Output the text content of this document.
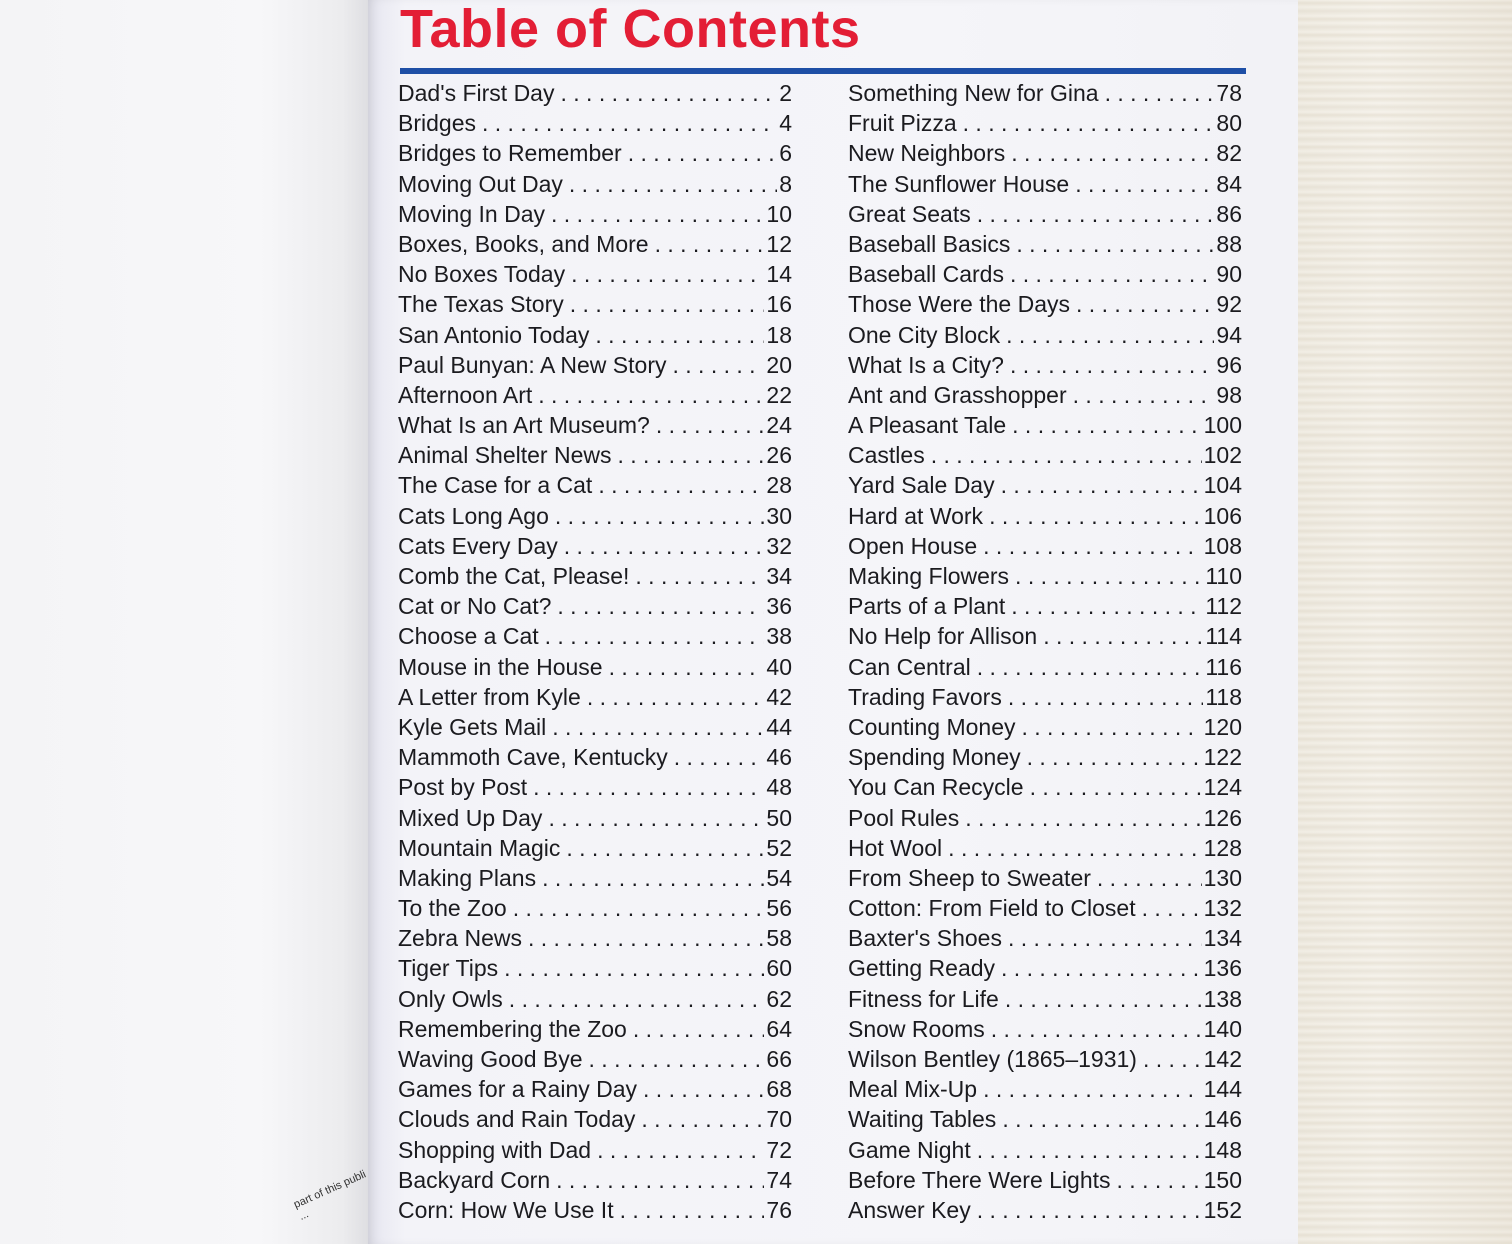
part of this publi
...
Table of Contents
Dad's First Day . . .	2
Bridges . . .	4
Bridges to Remember . . .	6
Moving Out Day . . .	8
Moving In Day . . .	10
Boxes, Books, and More . . .	12
No Boxes Today . . .	14
The Texas Story . . .	16
San Antonio Today . . .	18
Paul Bunyan: A New Story . . .	20
Afternoon Art . . .	22
What Is an Art Museum? . . .	24
Animal Shelter News . . .	26
The Case for a Cat . . .	28
Cats Long Ago . . .	30
Cats Every Day . . .	32
Comb the Cat, Please! . . .	34
Cat or No Cat? . . .	36
Choose a Cat . . .	38
Mouse in the House . . .	40
A Letter from Kyle . . .	42
Kyle Gets Mail . . .	44
Mammoth Cave, Kentucky . . .	46
Post by Post . . .	48
Mixed Up Day . . .	50
Mountain Magic . . .	52
Making Plans . . .	54
To the Zoo . . .	56
Zebra News . . .	58
Tiger Tips . . .	60
Only Owls . . .	62
Remembering the Zoo . . .	64
Waving Good Bye . . .	66
Games for a Rainy Day . . .	68
Clouds and Rain Today . . .	70
Shopping with Dad . . .	72
Backyard Corn . . .	74
Corn: How We Use It . . .	76
Something New for Gina . . .	78
Fruit Pizza . . .	80
New Neighbors . . .	82
The Sunflower House . . .	84
Great Seats . . .	86
Baseball Basics . . .	88
Baseball Cards . . .	90
Those Were the Days . . .	92
One City Block . . .	94
What Is a City? . . .	96
Ant and Grasshopper . . .	98
A Pleasant Tale . . .	100
Castles . . .	102
Yard Sale Day . . .	104
Hard at Work . . .	106
Open House . . .	108
Making Flowers . . .	110
Parts of a Plant . . .	112
No Help for Allison . . .	114
Can Central . . .	116
Trading Favors . . .	118
Counting Money . . .	120
Spending Money . . .	122
You Can Recycle . . .	124
Pool Rules . . .	126
Hot Wool . . .	128
From Sheep to Sweater . . .	130
Cotton: From Field to Closet . . .	132
Baxter's Shoes . . .	134
Getting Ready . . .	136
Fitness for Life . . .	138
Snow Rooms . . .	140
Wilson Bentley (1865–1931) . . .	142
Meal Mix-Up . . .	144
Waiting Tables . . .	146
Game Night . . .	148
Before There Were Lights . . .	150
Answer Key . . .	152
